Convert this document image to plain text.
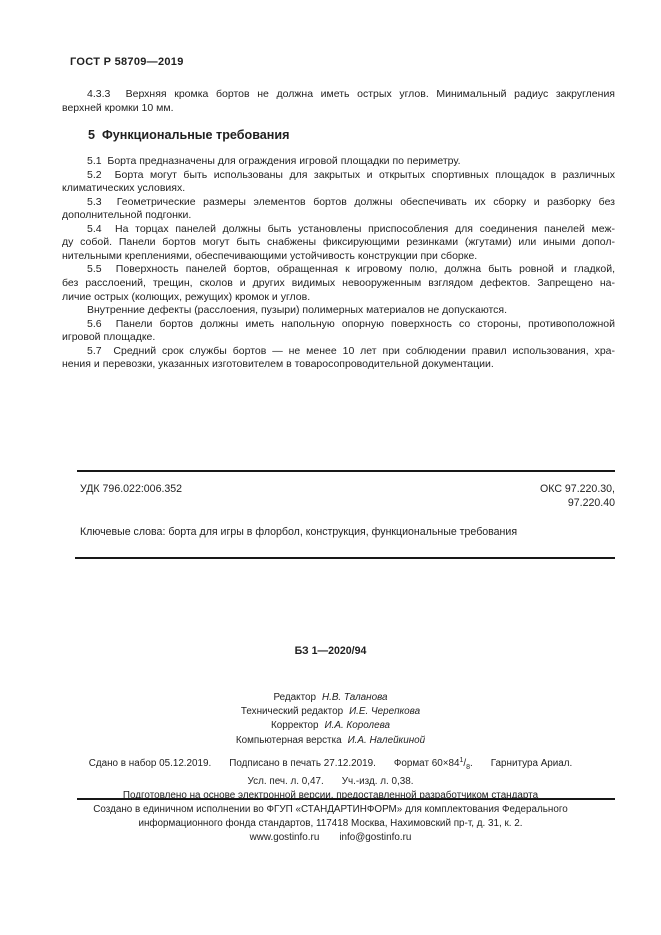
ГОСТ Р 58709—2019
4.3.3  Верхняя кромка бортов не должна иметь острых углов. Минимальный радиус закругления
верхней кромки 10 мм.
5  Функциональные требования
5.1  Борта предназначены для ограждения игровой площадки по периметру.
5.2  Борта могут быть использованы для закрытых и открытых спортивных площадок в различных
климатических условиях.
5.3  Геометрические размеры элементов бортов должны обеспечивать их сборку и разборку без
дополнительной подгонки.
5.4  На торцах панелей должны быть установлены приспособления для соединения панелей меж-
ду собой. Панели бортов могут быть снабжены фиксирующими резинками (жгутами) или иными допол-
нительными креплениями, обеспечивающими устойчивость конструкции при сборке.
5.5  Поверхность панелей бортов, обращенная к игровому полю, должна быть ровной и гладкой,
без расслоений, трещин, сколов и других видимых невооруженным взглядом дефектов. Запрещено на-
личие острых (колющих, режущих) кромок и углов.
Внутренние дефекты (расслоения, пузыри) полимерных материалов не допускаются.
5.6  Панели бортов должны иметь напольную опорную поверхность со стороны, противоположной
игровой площадке.
5.7  Средний срок службы бортов — не менее 10 лет при соблюдении правил использования, хра-
нения и перевозки, указанных изготовителем в товаросопроводительной документации.
УДК 796.022:006.352	ОКС 97.220.30,
97.220.40
Ключевые слова: борта для игры в флорбол, конструкция, функциональные требования
БЗ 1—2020/94
Редактор Н.В. Таланова
Технический редактор И.Е. Черепкова
Корректор И.А. Королева
Компьютерная верстка И.А. Налейкиной
Сдано в набор 05.12.2019. Подписано в печать 27.12.2019. Формат $60\times 84^1/_8$. Гарнитура Ариал.
Усл. печ. л. 0,47. Уч.-изд. л. 0,38.
Подготовлено на основе электронной версии, предоставленной разработчиком стандарта
Создано в единичном исполнении во ФГУП «СТАНДАРТИНФОРМ» для комплектования Федерального
информационного фонда стандартов, 117418 Москва, Нахимовский пр-т, д. 31, к. 2.
www.gostinfo.ru info@gostinfo.ru
